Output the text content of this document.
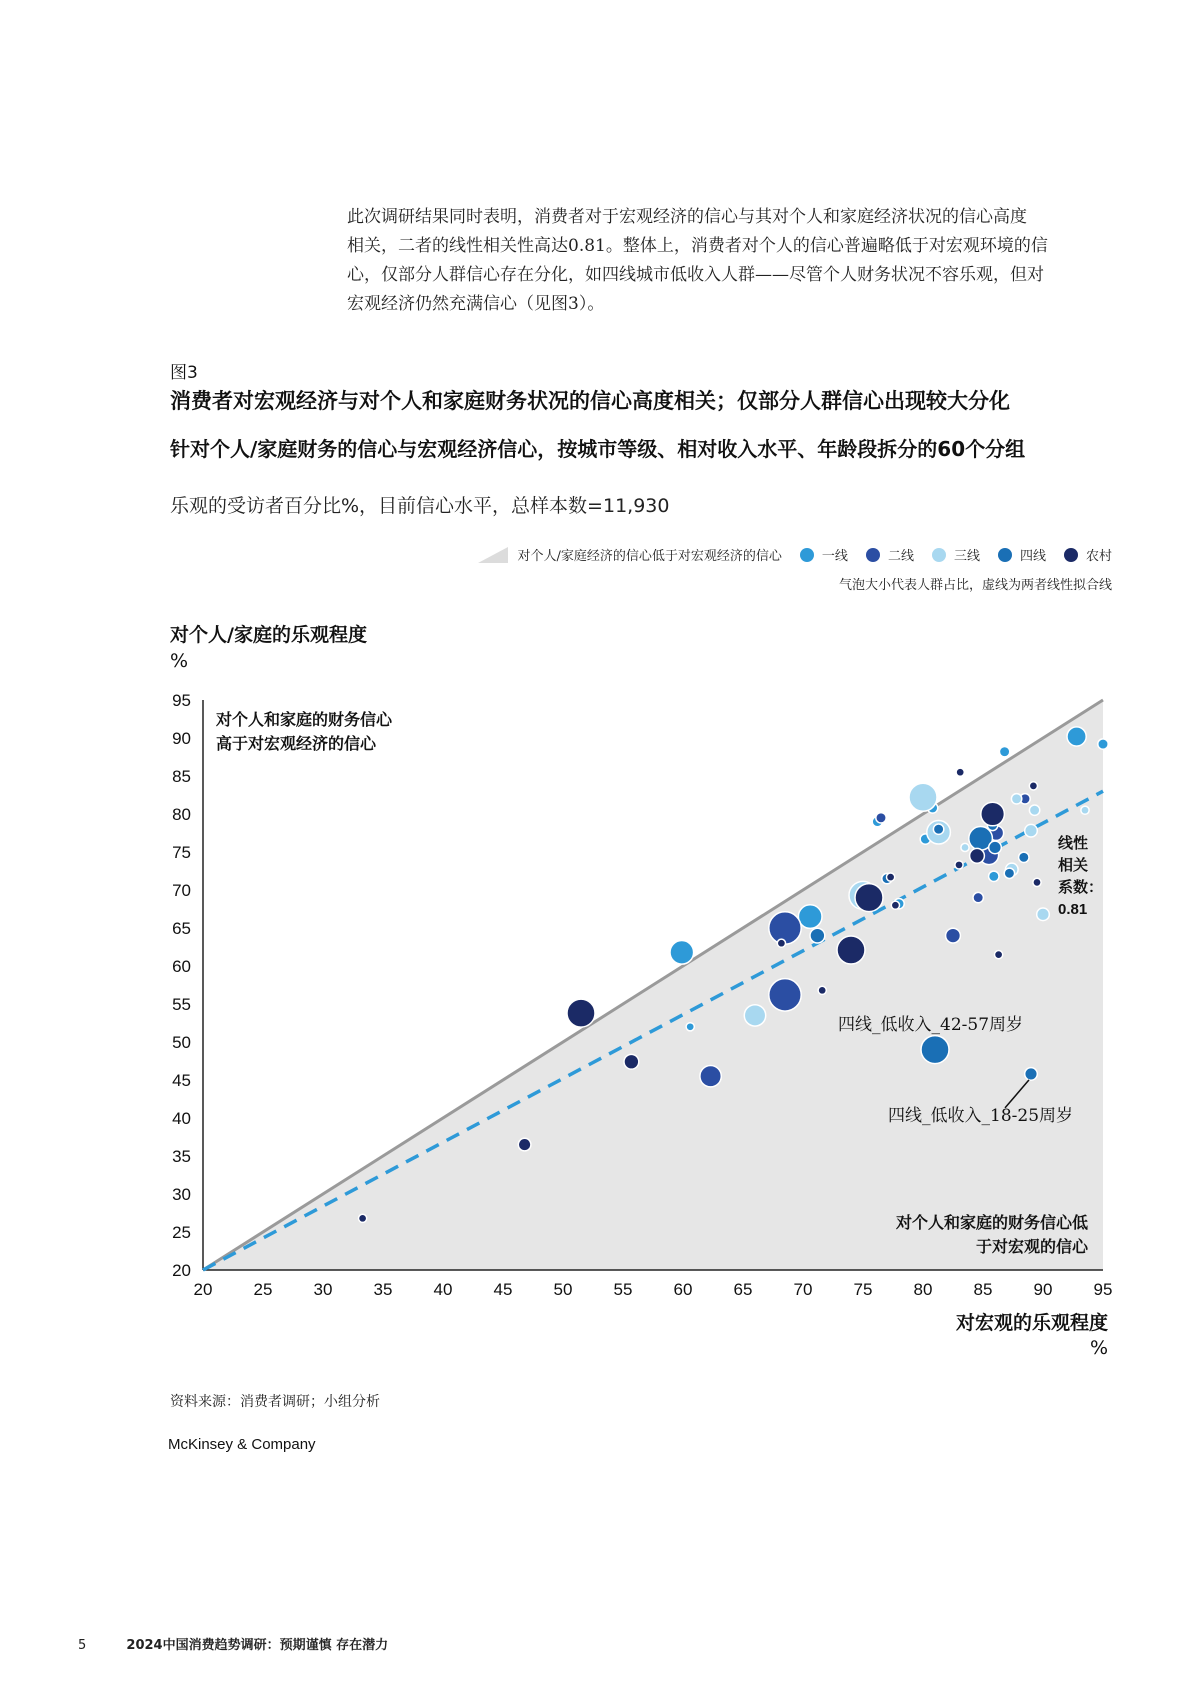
此次调研结果同时表明，消费者对于宏观经济的信心与其对个人和家庭经济状况的信心高度
相关，二者的线性相关性高达0.81。整体上，消费者对个人的信心普遍略低于对宏观环境的信
心，仅部分人群信心存在分化，如四线城市低收入人群——尽管个人财务状况不容乐观，但对
宏观经济仍然充满信心（见图3）。
图3
消费者对宏观经济与对个人和家庭财务状况的信心高度相关；仅部分人群信心出现较大分化
针对个人/家庭财务的信心与宏观经济信心，按城市等级、相对收入水平、年龄段拆分的60个分组
乐观的受访者百分比%，目前信心水平，总样本数=11,930
对个人/家庭经济的信心低于对宏观经济的信心	一线	二线	三线	四线	农村
气泡大小代表人群占比，虚线为两者线性拟合线
对个人/家庭的乐观程度
%
20
25
30
35
40
45
50
55
60
65
70
75
80
85
90
95
20 25 30 35 40 45 50 55 60 65 70 75 80 85 90 95
对个人和家庭的财务信心
高于对宏观经济的信心
对个人和家庭的财务信心低
于对宏观的信心
线性
相关
系数：
0.81
四线_低收入_42-57周岁
四线_低收入_18-25周岁
对宏观的乐观程度
%
资料来源：消费者调研；小组分析
McKinsey & Company
5	2024中国消费趋势调研：预期谨慎 存在潜力
